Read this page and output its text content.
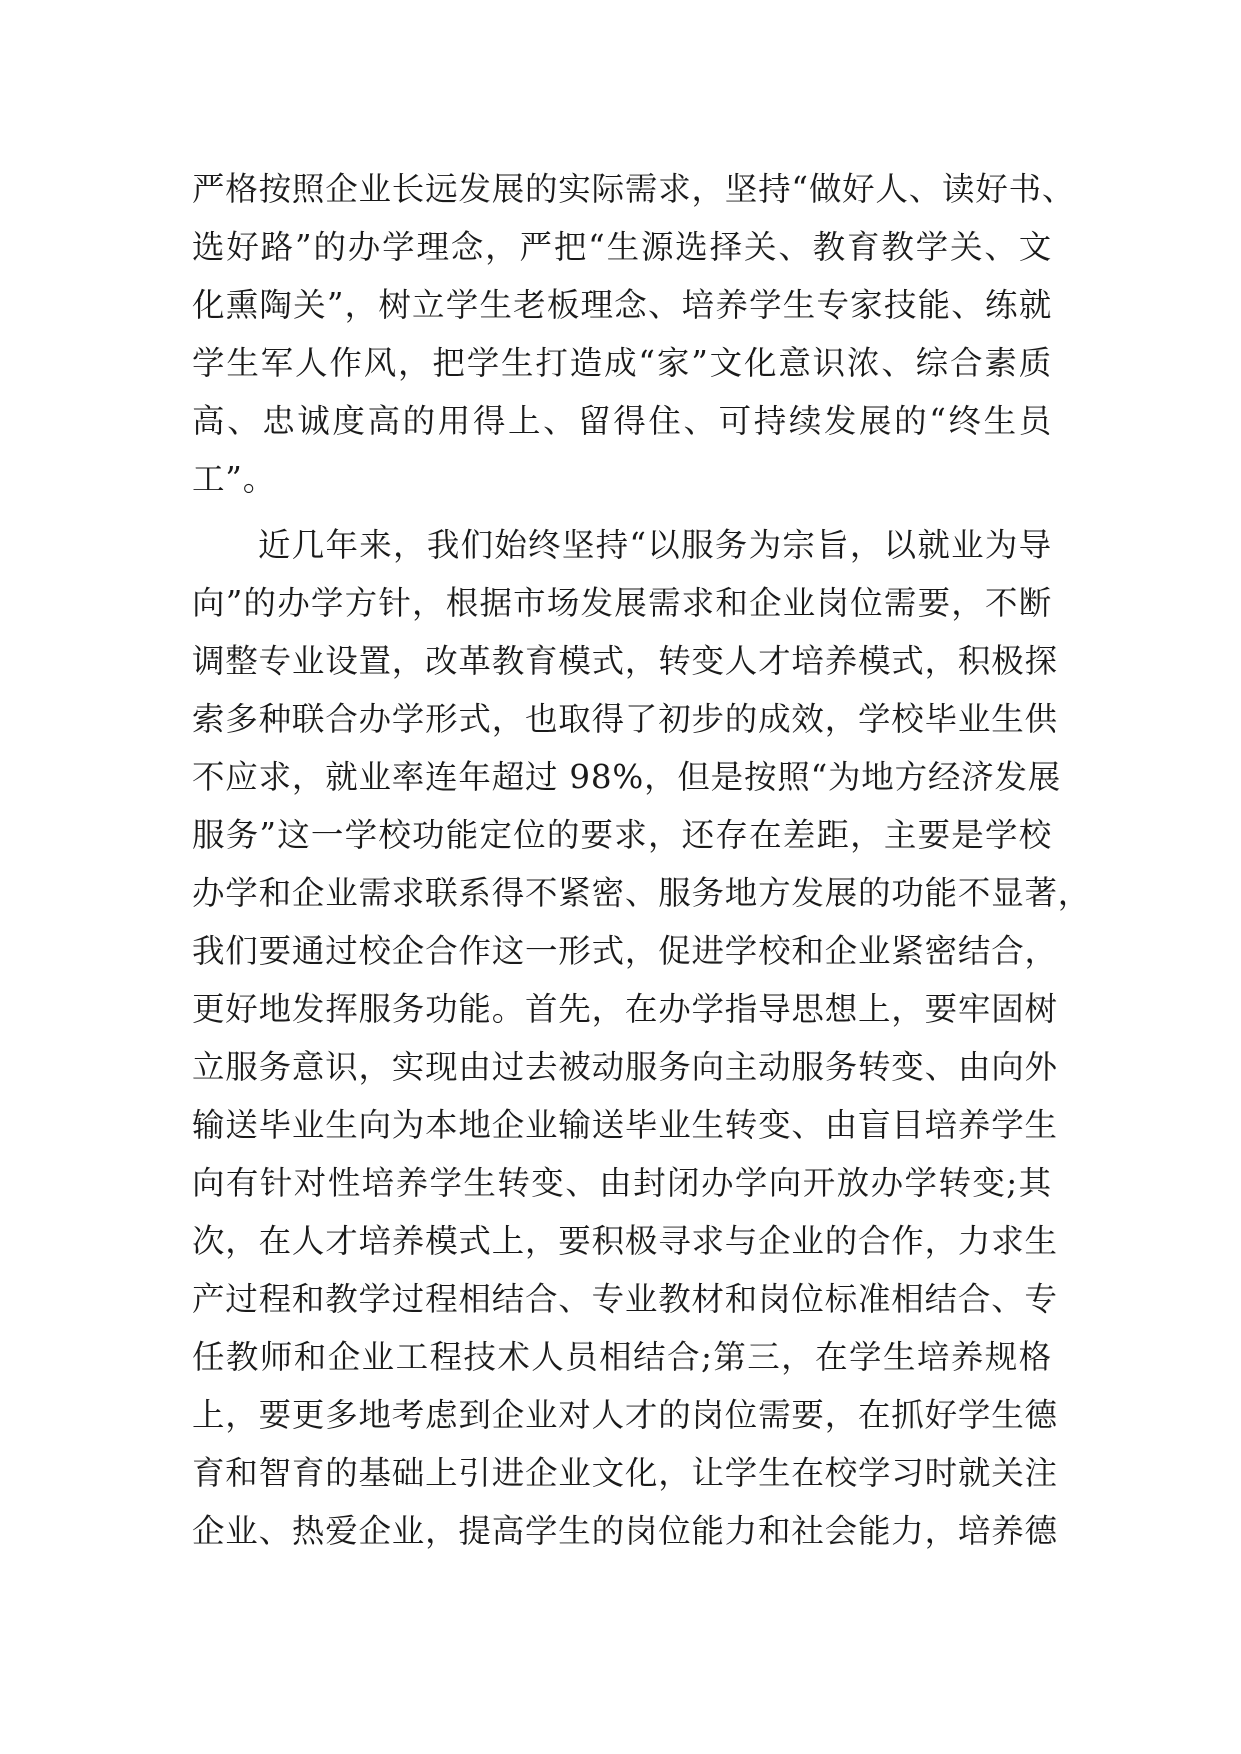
严格按照企业长远发展的实际需求，坚持“做好人、读好书、
选好路”的办学理念，严把“生源选择关、教育教学关、文
化熏陶关”，树立学生老板理念、培养学生专家技能、练就
学生军人作风，把学生打造成“家”文化意识浓、综合素质
高、忠诚度高的用得上、留得住、可持续发展的“终生员
工”。
近几年来，我们始终坚持“以服务为宗旨，以就业为导
向”的办学方针，根据市场发展需求和企业岗位需要，不断
调整专业设置，改革教育模式，转变人才培养模式，积极探
索多种联合办学形式，也取得了初步的成效，学校毕业生供
不应求，就业率连年超过 98%，但是按照“为地方经济发展
服务”这一学校功能定位的要求，还存在差距，主要是学校
办学和企业需求联系得不紧密、服务地方发展的功能不显著，
我们要通过校企合作这一形式，促进学校和企业紧密结合，
更好地发挥服务功能。首先，在办学指导思想上，要牢固树
立服务意识，实现由过去被动服务向主动服务转变、由向外
输送毕业生向为本地企业输送毕业生转变、由盲目培养学生
向有针对性培养学生转变、由封闭办学向开放办学转变;其
次，在人才培养模式上，要积极寻求与企业的合作，力求生
产过程和教学过程相结合、专业教材和岗位标准相结合、专
任教师和企业工程技术人员相结合;第三，在学生培养规格
上，要更多地考虑到企业对人才的岗位需要，在抓好学生德
育和智育的基础上引进企业文化，让学生在校学习时就关注
企业、热爱企业，提高学生的岗位能力和社会能力，培养德
